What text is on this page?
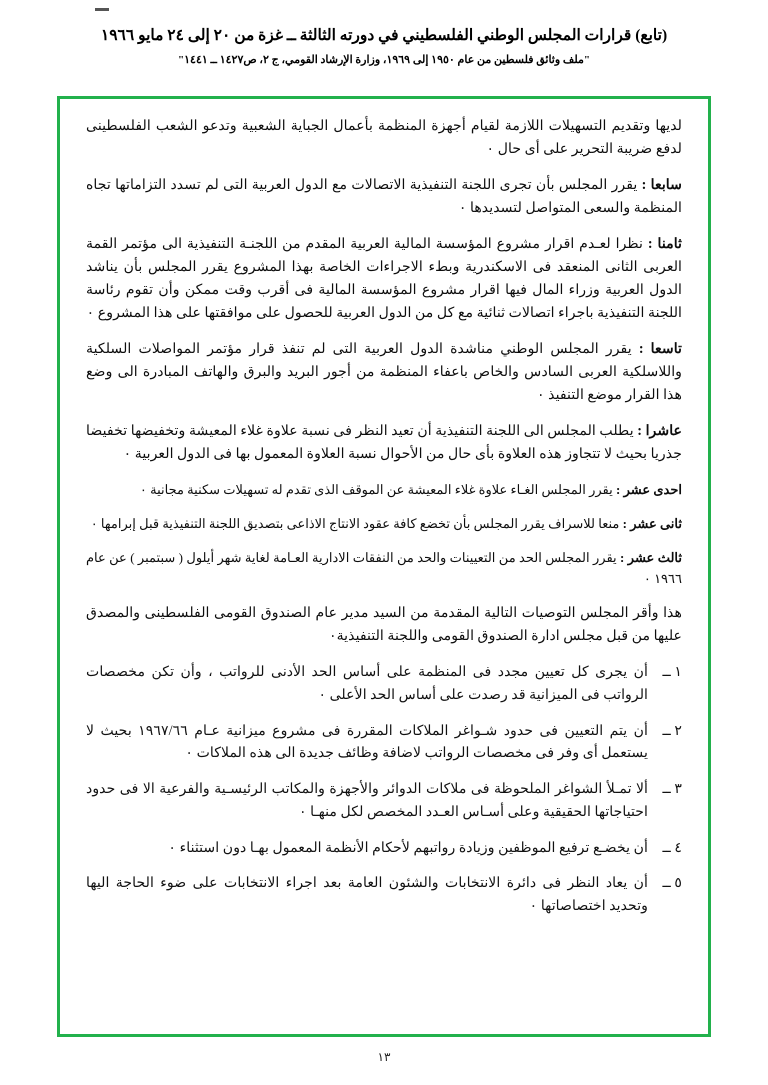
(تابع) قرارات المجلس الوطني الفلسطيني في دورته الثالثة ــ غزة من ٢٠ إلى ٢٤ مايو ١٩٦٦
"ملف وثائق فلسطين من عام ١٩٥٠ إلى ١٩٦٩، وزارة الإرشاد القومي، ج ٢، ص١٤٢٧ ــ ١٤٤١"

لديها وتقديم التسهيلات اللازمة لقيام أجهزة المنظمة بأعمال الجباية الشعبية وتدعو الشعب الفلسطينى لدفع ضريبة التحرير على أى حال ٠

سابعا : يقرر المجلس بأن تجرى اللجنة التنفيذية الاتصالات مع الدول العربية التى لم تسدد التزاماتها تجاه المنظمة والسعى المتواصل لتسديدها ٠

ثامنا : نظرا لعـدم اقرار مشروع المؤسسة المالية العربية المقدم من اللجنـة التنفيذية الى مؤتمر القمة العربى الثانى المنعقد فى الاسكندرية وبطء الاجراءات الخاصة بهذا المشروع يقرر المجلس بأن يناشد الدول العربية وزراء المال فيها اقرار مشروع المؤسسة المالية فى أقرب وقت ممكن وأن تقوم رئاسة اللجنة التنفيذية باجراء اتصالات ثنائية مع كل من الدول العربية للحصول على موافقتها على هذا المشروع ٠

تاسعا : يقرر المجلس الوطني مناشدة الدول العربية التى لم تنفذ قرار مؤتمر المواصلات السلكية واللاسلكية العربى السادس والخاص باعفاء المنظمة من أجور البريد والبرق والهاتف المبادرة الى وضع هذا القرار موضع التنفيذ ٠

عاشرا : يطلب المجلس الى اللجنة التنفيذية أن تعيد النظر فى نسبة علاوة غلاء المعيشة وتخفيضها تخفيضا جذريا بحيث لا تتجاوز هذه العلاوة بأى حال من الأحوال نسبة العلاوة المعمول بها فى الدول العربية ٠

احدى عشر : يقرر المجلس الغـاء علاوة غلاء المعيشة عن الموقف الذى تقدم له تسهيلات سكنية مجانية ٠

ثانى عشر : منعا للاسراف يقرر المجلس بأن تخضع كافة عقود الانتاج الاذاعى بتصديق اللجنة التنفيذية قبل إبرامها ٠

ثالث عشر : يقرر المجلس الحد من التعيينات والحد من النفقات الادارية العـامة لغاية شهر أيلول ( سبتمبر ) عن عام ١٩٦٦ ٠

هذا وأقر المجلس التوصيات التالية المقدمة من السيد مدير عام الصندوق القومى الفلسطينى والمصدق عليها من قبل مجلس ادارة الصندوق القومى واللجنة التنفيذية٠

١ ــ
أن يجرى كل تعيين مجدد فى المنظمة على أساس الحد الأدنى للرواتب ، وأن تكن مخصصات الرواتب فى الميزانية قد رصدت على أساس الحد الأعلى ٠
٢ ــ
أن يتم التعيين فى حدود شـواغر الملاكات المقررة فى مشروع ميزانية عـام ١٩٦٧/٦٦ بحيث لا يستعمل أى وفر فى مخصصات الرواتب لاضافة وظائف جديدة الى هذه الملاكات ٠
٣ ــ
ألا تمـلأ الشواغر الملحوظة فى ملاكات الدوائر والأجهزة والمكاتب الرئيسـية والفرعية الا فى حدود احتياجاتها الحقيقية وعلى أسـاس العـدد المخصص لكل منهـا ٠
٤ ــ
أن يخضـع ترفيع الموظفين وزيادة رواتبهم لأحكام الأنظمة المعمول بهـا دون استثناء ٠
٥ ــ
أن يعاد النظر فى دائرة الانتخابات والشئون العامة بعد اجراء الانتخابات على ضوء الحاجة اليها وتحديد اختصاصاتها ٠
١٣
